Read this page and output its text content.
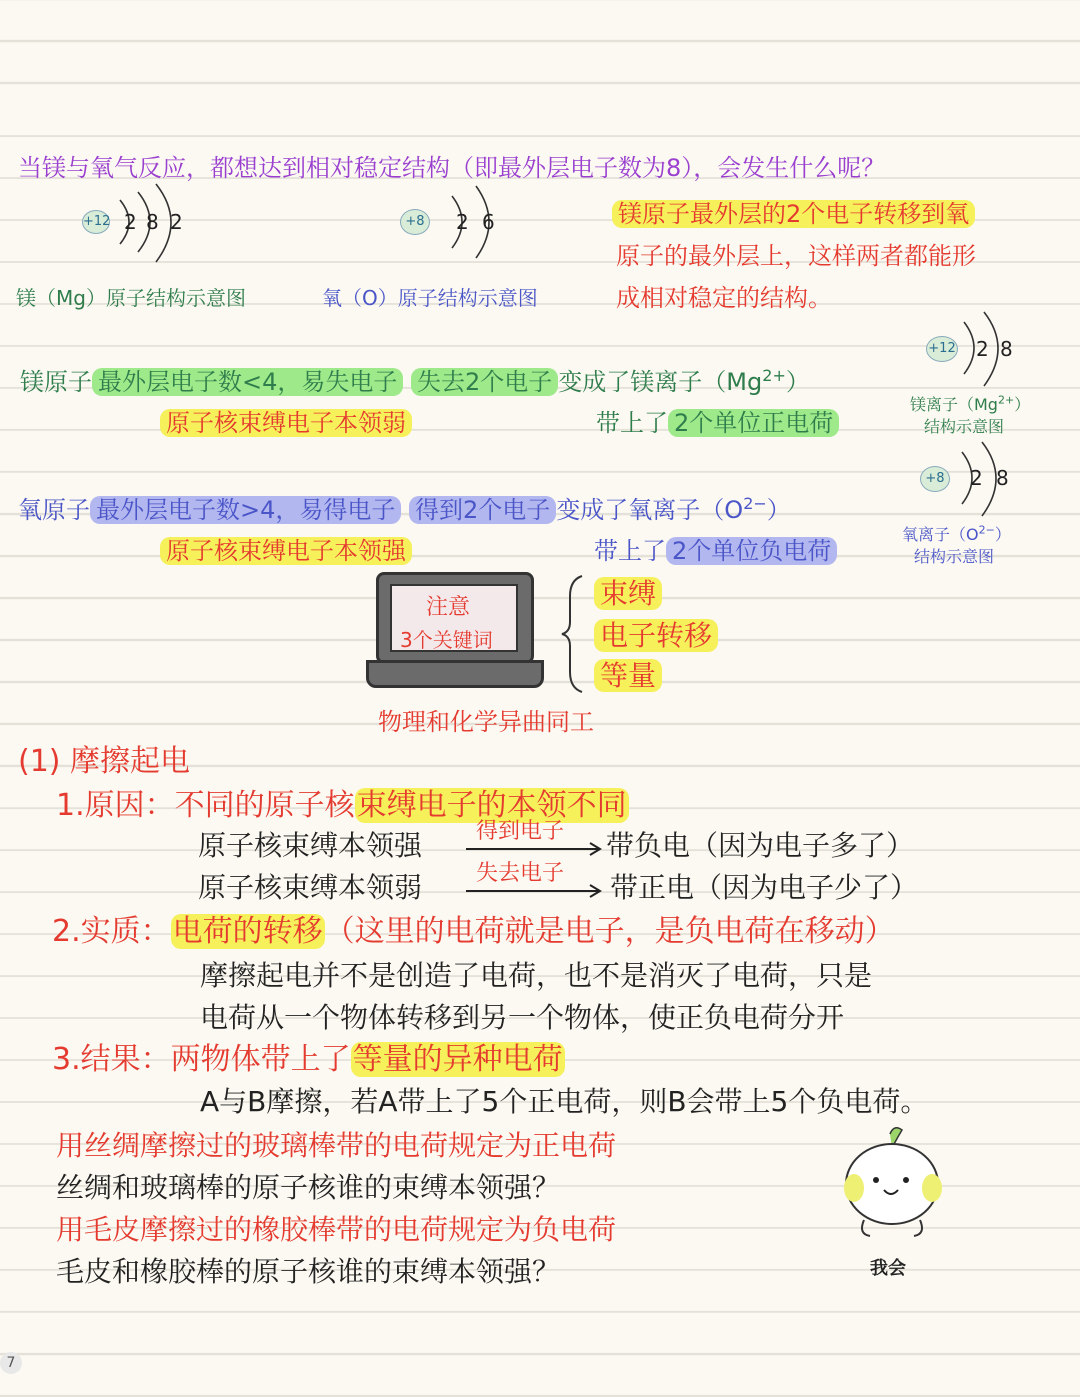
当镁与氧气反应，都想达到相对稳定结构（即最外层电子数为8），会发生什么呢？
+12 2 8 2
镁（Mg）原子结构示意图
+8 2 6
氧（O）原子结构示意图
镁原子最外层的2个电子转移到氧
原子的最外层上，这样两者都能形
成相对稳定的结构。
镁原子 最外层电子数<4，易失电子 失去2个电子 变成了镁离子$(Mg^{2+})$
原子核束缚电子本领弱	带上了 2个单位正电荷
+12 2 8
镁离子$(Mg^{2+})$
结构示意图
氧原子 最外层电子数>4，易得电子 得到2个电子 变成了氧离子$(O^{2-})$
原子核束缚电子本领强	带上了 2个单位负电荷
+8 2 8
氧离子$(O^{2-})$
结构示意图
注意
3个关键词
束缚
电子转移
等量
物理和化学异曲同工
(1) 摩擦起电
1.原因：不同的原子核束缚电子的本领不同
原子核束缚本领强 得到电子 带负电（因为电子多了）
原子核束缚本领弱 失去电子 带正电（因为电子少了）
2.实质：电荷的转移（这里的电荷就是电子，是负电荷在移动）
摩擦起电并不是创造了电荷，也不是消灭了电荷，只是
电荷从一个物体转移到另一个物体，使正负电荷分开
3.结果：两物体带上了等量的异种电荷
A与B摩擦，若A带上了5个正电荷，则B会带上5个负电荷。
用丝绸摩擦过的玻璃棒带的电荷规定为正电荷
丝绸和玻璃棒的原子核谁的束缚本领强？
用毛皮摩擦过的橡胶棒带的电荷规定为负电荷
毛皮和橡胶棒的原子核谁的束缚本领强？	我会
7
